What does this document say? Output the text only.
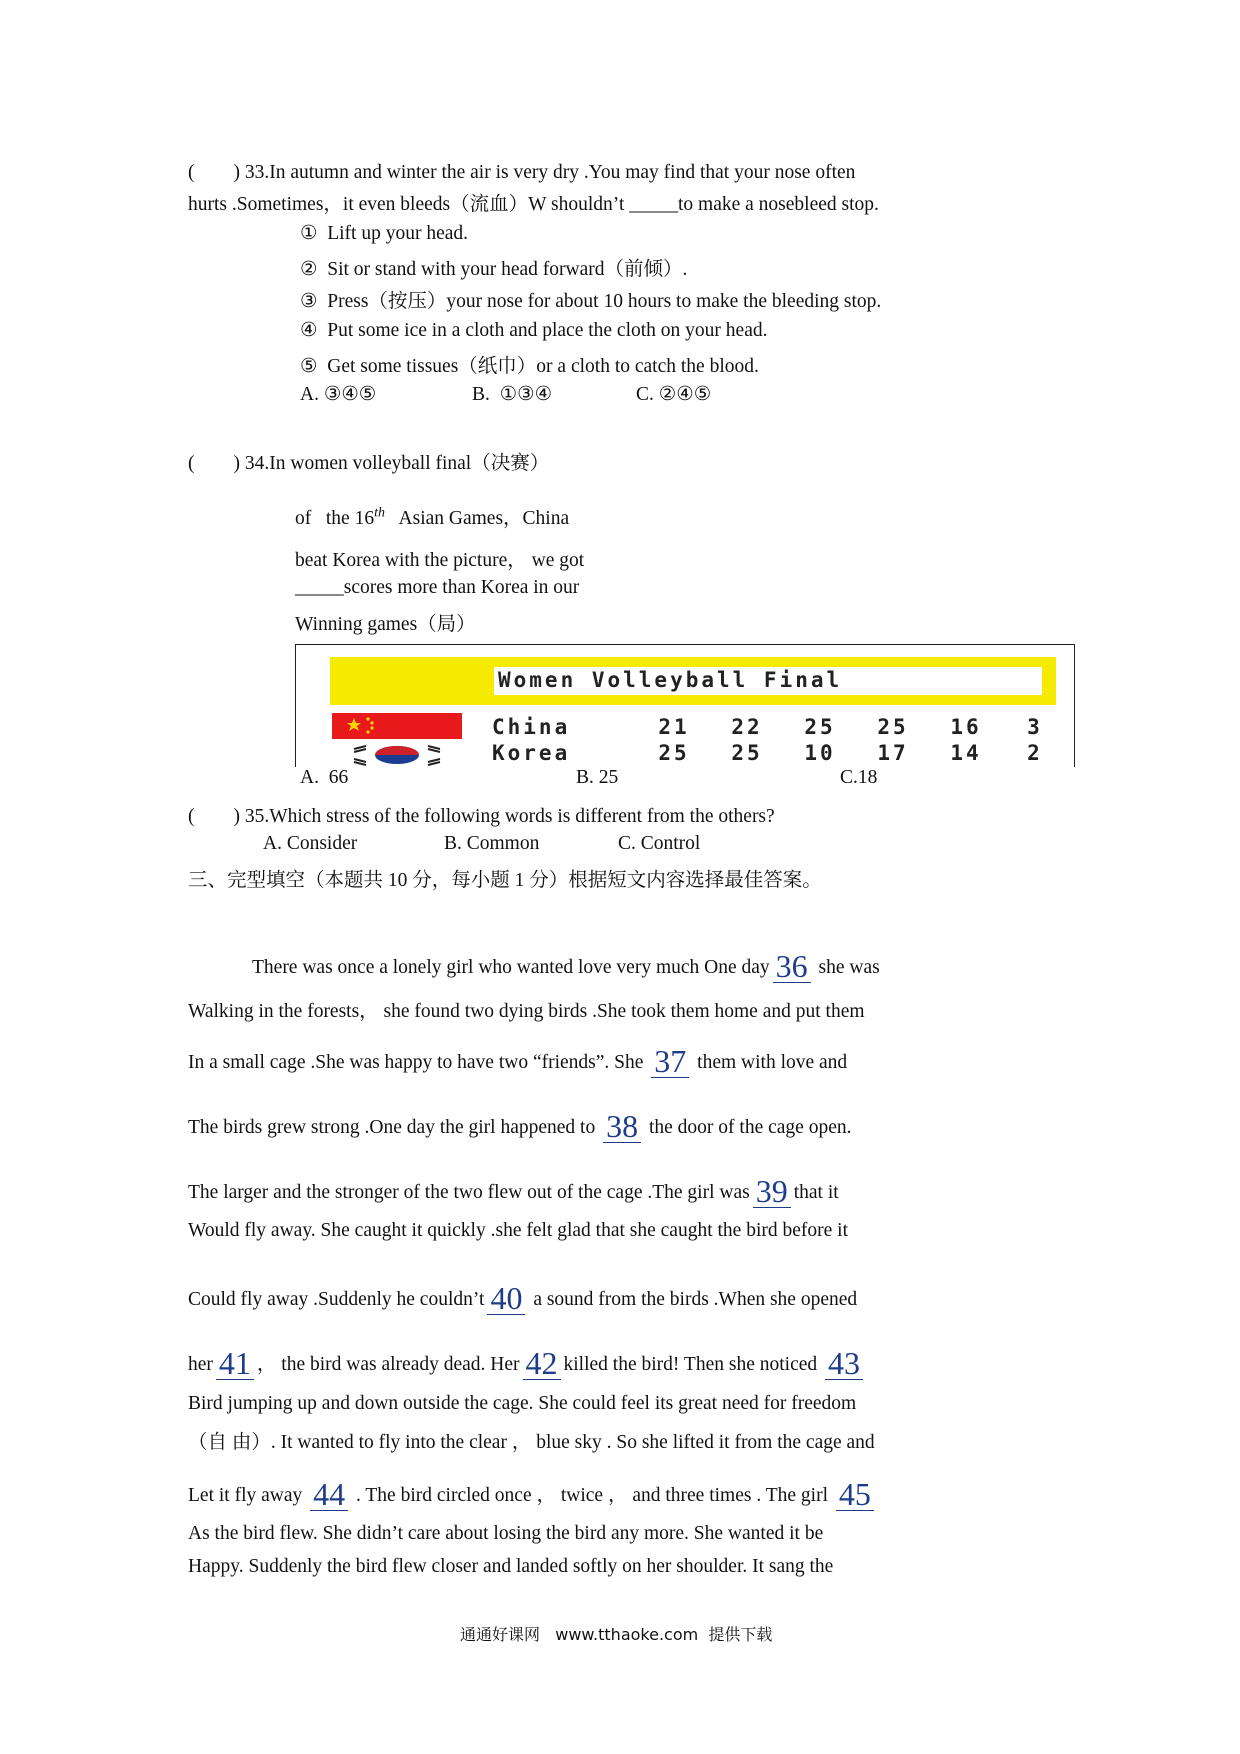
(　　) 33.In autumn and winter the air is very dry .You may find that your nose often
hurts .Sometimes，it even bleeds（流血）W shouldn’t _____to make a nosebleed stop.
①  Lift up your head.
②  Sit or stand with your head forward（前倾）.
③  Press（按压）your nose for about 10 hours to make the bleeding stop.
④  Put some ice in a cloth and place the cloth on your head.
⑤  Get some tissues（纸巾）or a cloth to catch the blood.
A. ③④⑤	B.  ①③④	C. ②④⑤
(　　) 34.In women volleyball final（决赛）
of   the 16th   Asian Games，China
beat Korea with the picture， we got
_____scores more than Korea in our
Winning games（局）
Women Volleyball Final
China	21	22	25	25	16	3
Korea	25	25	10	17	14	2
A.  66	B. 25	C.18
(　　) 35.Which stress of the following words is different from the others?
A. Consider	B. Common	C. Control
三、完型填空（本题共 10 分，每小题 1 分）根据短文内容选择最佳答案。
There was once a lonely girl who wanted love very much One day 36 she was
Walking in the forests， she found two dying birds .She took them home and put them
In a small cage .She was happy to have two “friends”. She 37 them with love and
The birds grew strong .One day the girl happened to 38 the door of the cage open.
The larger and the stronger of the two flew out of the cage .The girl was 39 that it
Would fly away. She caught it quickly .she felt glad that she caught the bird before it
Could fly away .Suddenly he couldn’t 40 a sound from the birds .When she opened
her 41 ， the bird was already dead. Her 42 killed the bird! Then she noticed 43
Bird jumping up and down outside the cage. She could feel its great need for freedom
（自 由）. It wanted to fly into the clear ， blue sky . So she lifted it from the cage and
Let it fly away 44 . The bird circled once ， twice ， and three times . The girl 45
As the bird flew. She didn’t care about losing the bird any more. She wanted it be
Happy. Suddenly the bird flew closer and landed softly on her shoulder. It sang the
通通好课网   www.tthaoke.com  提供下载
